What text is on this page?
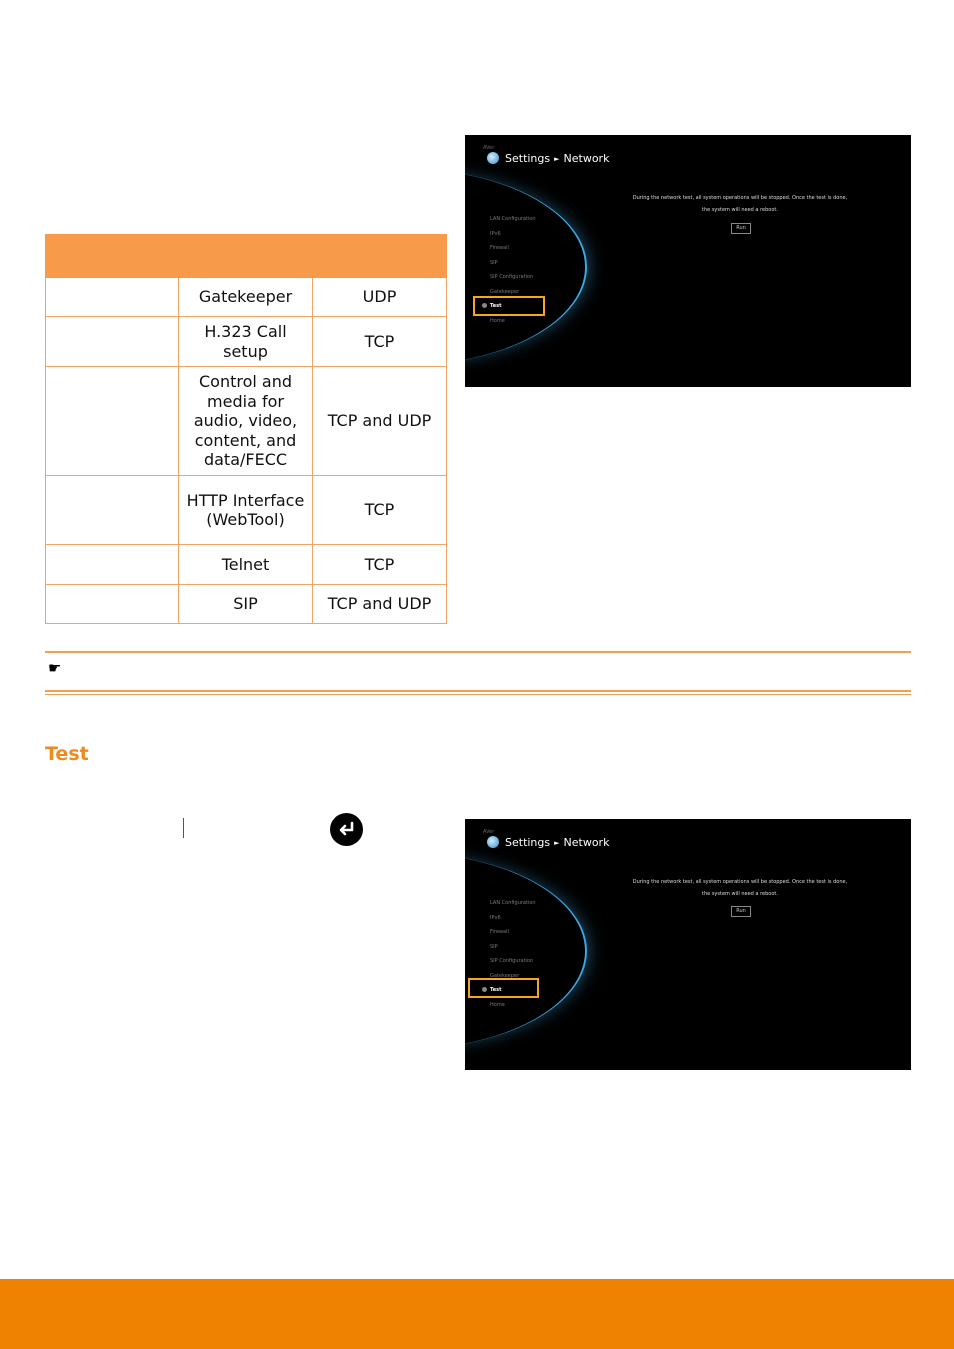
	Gatekeeper	UDP
	H.323 Call setup	TCP
	Control and media for audio, video, content, and data/FECC	TCP and UDP
	HTTP Interface (WebTool)	TCP
	Telnet	TCP
	SIP	TCP and UDP
AVer
Settings ► Network
LAN Configuration
IPv6
Firewall
SIP
SIP Configuration
Gatekeeper
Test
Home
During the network test, all system operations will be stopped. Once the test is done,
the system will need a reboot.
Run
☛
Test
AVer
Settings ► Network
LAN Configuration
IPv6
Firewall
SIP
SIP Configuration
Gatekeeper
Test
Home
During the network test, all system operations will be stopped. Once the test is done,
the system will need a reboot.
Run
